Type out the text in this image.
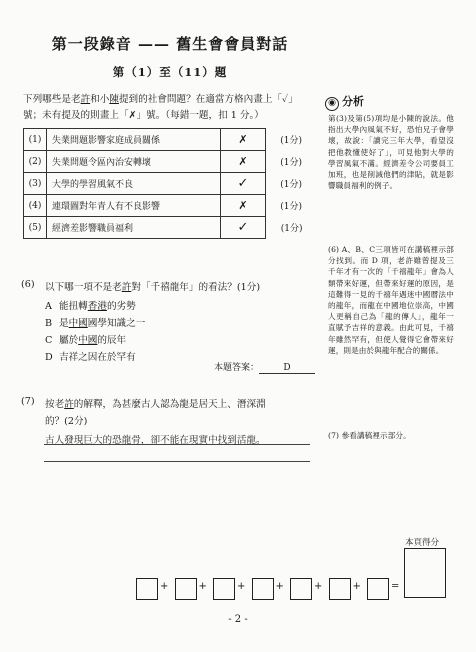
第一段錄音 —— 舊生會會員對話
第（1）至（11）題
下列哪些是老許和小陳提到的社會問題？在適當方格內畫上「✓」號；未有提及的則畫上「✗」號。（每錯一題，扣 1 分。）
(1)	失業問題影響家庭成員關係	✗	(1分)
(2)	失業問題令區內治安轉壞	✗	(1分)
(3)	大學的學習風氣不良	✓	(1分)
(4)	連環圖對年青人有不良影響	✗	(1分)
(5)	經濟差影響職員福利	✓	(1分)
(6) 以下哪一項不是老許對「千禧龍年」的看法？(1分)
A 能扭轉香港的劣勢
B 是中國國學知識之一
C 屬於中國的辰年
D 吉祥之因在於罕有
本題答案：	D
(7) 按老許的解釋，為甚麼古人認為龍是居天上、潛深淵
的？(2分)
古人發現巨大的恐龍骨，卻不能在現實中找到活龍。
◉ 分析
第(3)及第(5)項均是小陳的說法。他指出大學內風氣不好，恐怕兄子會學壞，故說：「讀完三年大學，看望沒把他教懂使好了」，可見他對大學的學習風氣不滿。經濟差令公司要員工加班，也是削減他們的津貼，就是影響職員福利的例子。
(6) A、B、C三項皆可在講稿裡示部分找到。而 D 項，老許雖曾提及三千年才有一次的「千禧龍年」會為人類帶來好運，但帶來好運的原因，是這難得一見的千禧年遇迷中國曆法中的龍年，而龍在中國地位崇高，中國人更稱自己為「龍的傳人」，龍年一直賦予吉祥的意義。由此可見，千禧年雖然罕有，但使人覺得它會帶來好運，則是由於與龍年配合的關係。
(7) 參看講稿裡示部分。
本頁得分
+	+	+	+	+	+	=
- 2 -
